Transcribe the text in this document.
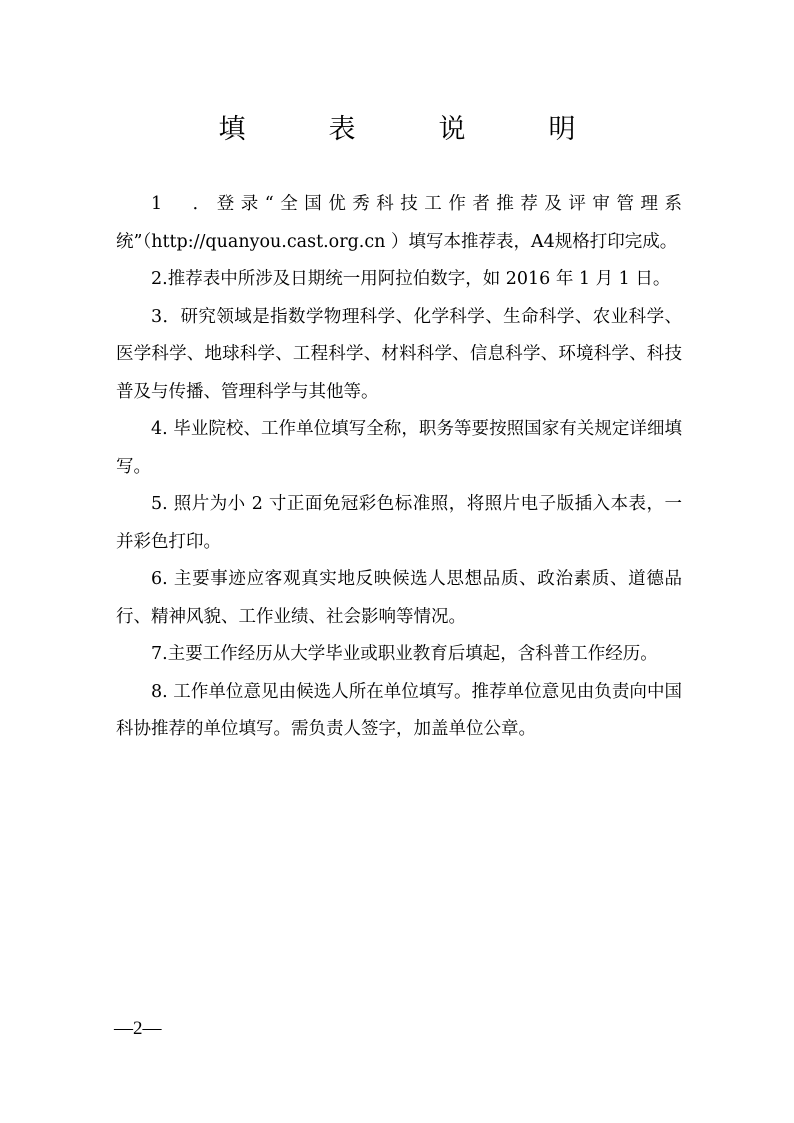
填　表　说　明

1　．登录“全国优秀科技工作者推荐及评审管理系统”（http://quanyou.cast.org.cn ）填写本推荐表，A4规格打印完成。

2.推荐表中所涉及日期统一用阿拉伯数字，如 2016 年 1 月 1 日。

3．研究领域是指数学物理科学、化学科学、生命科学、农业科学、医学科学、地球科学、工程科学、材料科学、信息科学、环境科学、科技普及与传播、管理科学与其他等。

4. 毕业院校、工作单位填写全称，职务等要按照国家有关规定详细填写。

5. 照片为小 2 寸正面免冠彩色标准照，将照片电子版插入本表，一并彩色打印。

6. 主要事迹应客观真实地反映候选人思想品质、政治素质、道德品行、精神风貌、工作业绩、社会影响等情况。

7.主要工作经历从大学毕业或职业教育后填起，含科普工作经历。

8. 工作单位意见由候选人所在单位填写。推荐单位意见由负责向中国科协推荐的单位填写。需负责人签字，加盖单位公章。

—2—
